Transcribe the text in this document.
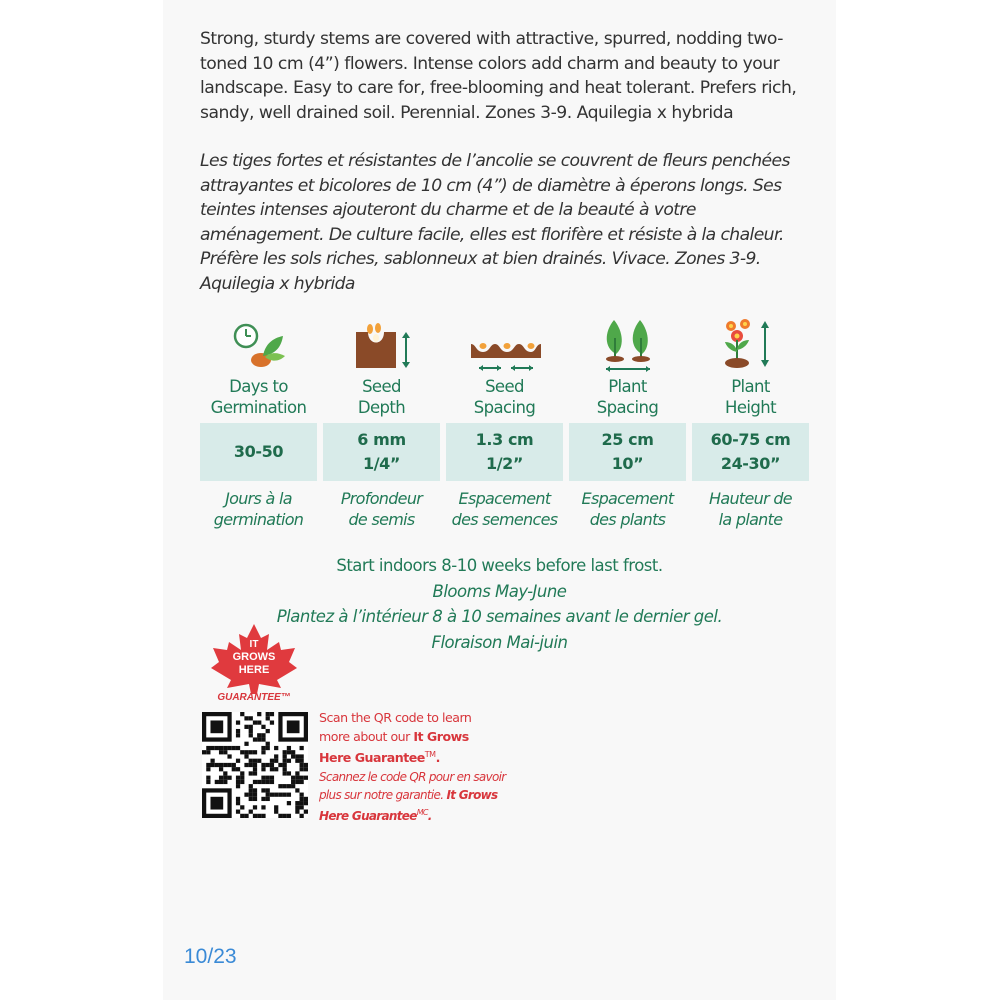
Strong, sturdy stems are covered with attractive, spurred, nodding two-toned 10 cm (4”) flowers. Intense colors add charm and beauty to your landscape. Easy to care for, free-blooming and heat tolerant. Prefers rich, sandy, well drained soil. Perennial. Zones 3-9. Aquilegia x hybrida

Les tiges fortes et résistantes de l’ancolie se couvrent de fleurs penchées attrayantes et bicolores de 10 cm (4”) de diamètre à éperons longs. Ses teintes intenses ajouteront du charme et de la beauté à votre aménagement. De culture facile, elles est florifère et résiste à la chaleur. Préfère les sols riches, sablonneux at bien drainés. Vivace. Zones 3-9. Aquilegia x hybrida

Days to
Germination
30-50
Jours à la
germination
Seed
Depth
6 mm
1/4”
Profondeur
de semis
Seed
Spacing
1.3 cm
1/2”
Espacement
des semences
Plant
Spacing
25 cm
10”
Espacement
des plants
Plant
Height
60-75 cm
24-30”
Hauteur de
la plante
Start indoors 8-10 weeks before last frost.
Blooms May-June
Plantez à l’intérieur 8 à 10 semaines avant le dernier gel.
Floraison Mai-juin
IT
GROWS
HERE
GUARANTEE™
Scan the QR code to learn
more about our It Grows
Here Guarantee™.
Scannez le code QR pour en savoir
plus sur notre garantie. It Grows
Here Guarantee$^{MC}$.
10/23
